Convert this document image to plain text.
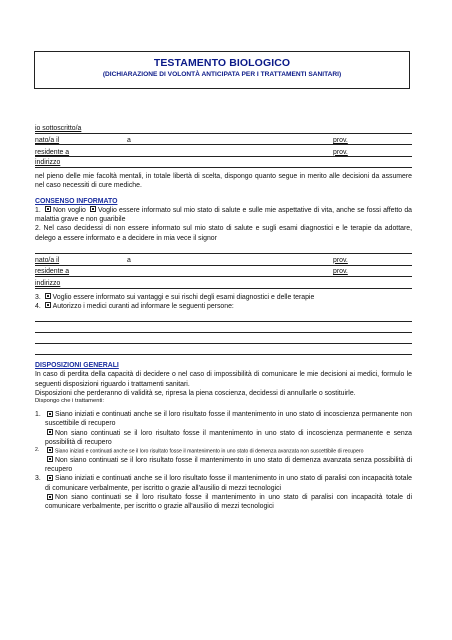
TESTAMENTO BIOLOGICO
(DICHIARAZIONE DI VOLONTÀ ANTICIPATA PER I TRATTAMENTI SANITARI)
io sottoscritto/a
nato/a il	a	prov.
residente a	prov.
indirizzo

nel pieno delle mie facoltà mentali, in totale libertà di scelta, dispongo quanto segue in merito alle decisioni da assumere nel caso necessiti di cure mediche.

CONSENSO INFORMATO

1. Non voglio Voglio essere informato sul mio stato di salute e sulle mie aspettative di vita, anche se fossi affetto da malattia grave e non guaribile

2. Nel caso decidessi di non essere informato sul mio stato di salute e sugli esami diagnostici e le terapie da adottare, delego a essere informato e a decidere in mia vece il signor

nato/a il	a	prov.
residente a	prov.
indirizzo

3. Voglio essere informato sui vantaggi e sui rischi degli esami diagnostici e delle terapie

4. Autorizzo i medici curanti ad informare le seguenti persone:

DISPOSIZIONI GENERALI

In caso di perdita della capacità di decidere o nel caso di impossibilità di comunicare le mie decisioni ai medici, formulo le seguenti disposizioni riguardo i trattamenti sanitari.

Disposizioni che perderanno di validità se, ripresa la piena coscienza, decidessi di annullarle o sostituirle.

Dispongo che i trattamenti:

1.	Siano iniziati e continuati anche se il loro risultato fosse il mantenimento in uno stato di incoscienza permanente non suscettibile di recupero
Non siano continuati se il loro risultato fosse il mantenimento in uno stato di incoscienza permanente e senza possibilità di recupero
2.	Siano iniziati e continuati anche se il loro risultato fosse il mantenimento in uno stato di demenza avanzata non suscettibile di recupero
Non siano continuati se il loro risultato fosse il mantenimento in uno stato di demenza avanzata senza possibilità di recupero
3.	Siano iniziati e continuati anche se il loro risultato fosse il mantenimento in uno stato di paralisi con incapacità totale di comunicare verbalmente, per iscritto o grazie all'ausilio di mezzi tecnologici
Non siano continuati se il loro risultato fosse il mantenimento in uno stato di paralisi con incapacità totale di comunicare verbalmente, per iscritto o grazie all'ausilio di mezzi tecnologici
